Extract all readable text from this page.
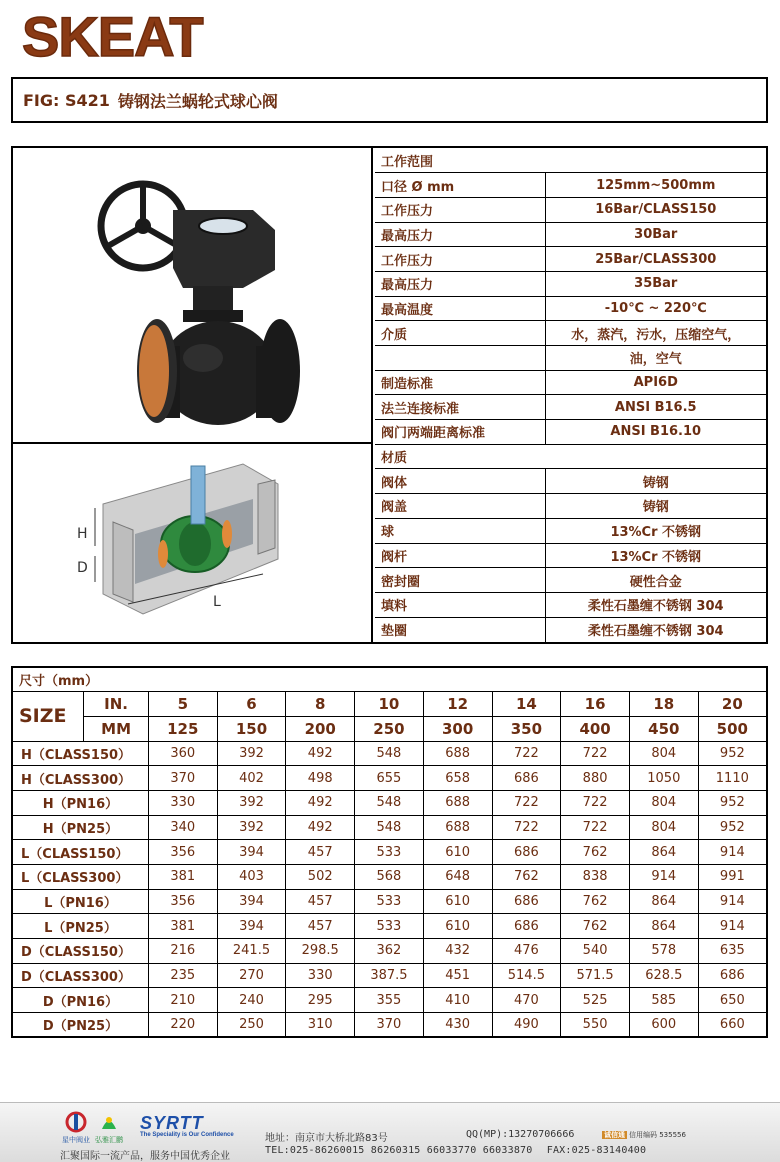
SKEAT
FIG: S421 铸钢法兰蜗轮式球心阀
H
D
L
工作范围	
口径 Ø mm	125mm~500mm
工作压力	16Bar/CLASS150
最高压力	30Bar
工作压力	25Bar/CLASS300
最高压力	35Bar
最高温度	-10℃ ~ 220℃
介质	水，蒸汽，污水，压缩空气，
	油，空气
制造标准	API6D
法兰连接标准	ANSI B16.5
阀门两端距离标准	ANSI B16.10
材质	
阀体	铸钢
阀盖	铸钢
球	13%Cr 不锈钢
阀杆	13%Cr 不锈钢
密封圈	硬性合金
填料	柔性石墨缠不锈钢 304
垫圈	柔性石墨缠不锈钢 304
尺寸（mm）										
SIZE	IN.	5	6	8	10	12	14	16	18	20
	MM	125	150	200	250	300	350	400	450	500
H（CLASS150）		360	392	492	548	688	722	722	804	952
H（CLASS300）		370	402	498	655	658	686	880	1050	1110
H（PN16）		330	392	492	548	688	722	722	804	952
H（PN25）		340	392	492	548	688	722	722	804	952
L（CLASS150）		356	394	457	533	610	686	762	864	914
L（CLASS300）		381	403	502	568	648	762	838	914	991
L（PN16）		356	394	457	533	610	686	762	864	914
L（PN25）		381	394	457	533	610	686	762	864	914
D（CLASS150）		216	241.5	298.5	362	432	476	540	578	635
D（CLASS300）		235	270	330	387.5	451	514.5	571.5	628.5	686
D（PN16）		210	240	295	355	410	470	525	585	650
D（PN25）		220	250	310	370	430	490	550	600	660
星中阀业 弘雅汇鹏
SYRTT
The Speciality is Our Confidence
汇聚国际一流产品，服务中国优秀企业
地址：南京市大桥北路83号	QQ(MP):13270706666	诚信通 信用编码 535556
TEL:025-86260015 86260315 66033770 66033870 FAX:025-83140400
